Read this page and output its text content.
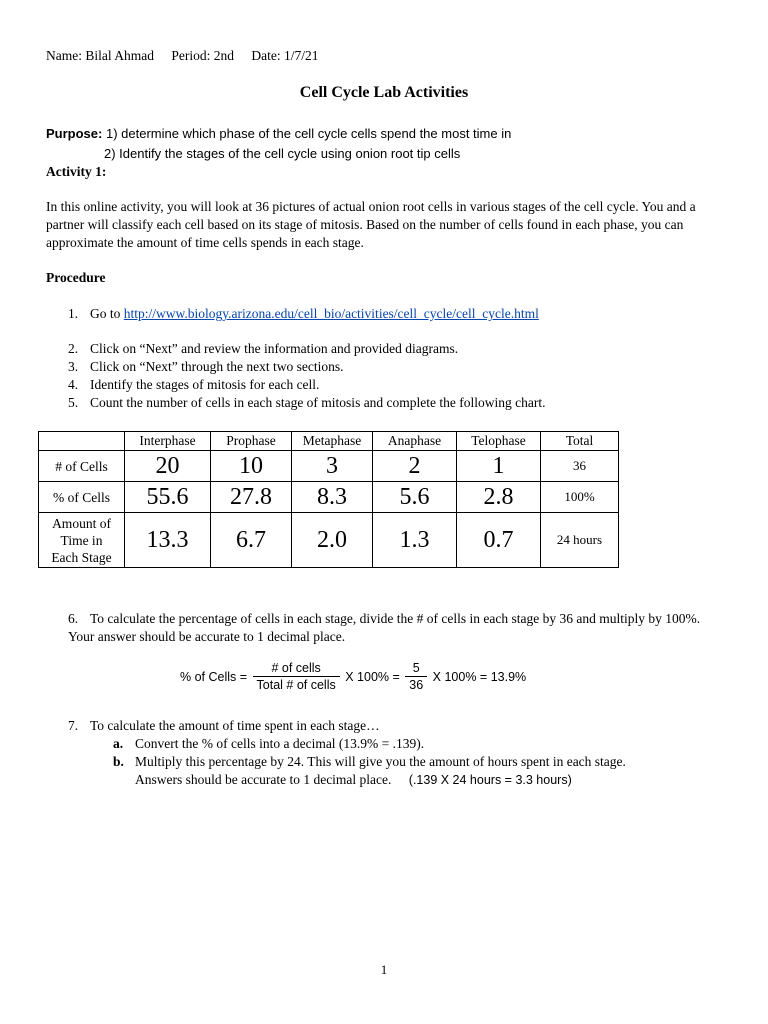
Name: Bilal Ahmad Period: 2nd Date: 1/7/21
Cell Cycle Lab Activities
Purpose: 1) determine which phase of the cell cycle cells spend the most time in
2) Identify the stages of the cell cycle using onion root tip cells
Activity 1:
In this online activity, you will look at 36 pictures of actual onion root cells in various stages of the cell cycle. You and a partner will classify each cell based on its stage of mitosis. Based on the number of cells found in each phase, you can approximate the amount of time cells spends in each stage.
Procedure
1. Go to http://www.biology.arizona.edu/cell_bio/activities/cell_cycle/cell_cycle.html
2. Click on “Next” and review the information and provided diagrams.
3. Click on “Next” through the next two sections.
4. Identify the stages of mitosis for each cell.
5. Count the number of cells in each stage of mitosis and complete the following chart.
	Interphase	Prophase	Metaphase	Anaphase	Telophase	Total
# of Cells	20	10	3	2	1	36
% of Cells	55.6	27.8	8.3	5.6	2.8	100%

Amount of
Time in
Each Stage	13.3	6.7	2.0	1.3	0.7	24 hours
6. To calculate the percentage of cells in each stage, divide the # of cells in each stage by 36 and multiply by 100%. Your answer should be accurate to 1 decimal place.
% of Cells = $\frac{\text{\# of cells}}{\text{Total \# of cells}}$ X $100\% = \frac{5}{36}$ X 100% = 13.9%
7. To calculate the amount of time spent in each stage…
a. Convert the % of cells into a decimal (13.9% = .139).
b. Multiply this percentage by 24. This will give you the amount of hours spent in each stage.
Answers should be accurate to 1 decimal place. (.139 X 24 hours = 3.3 hours)
1
